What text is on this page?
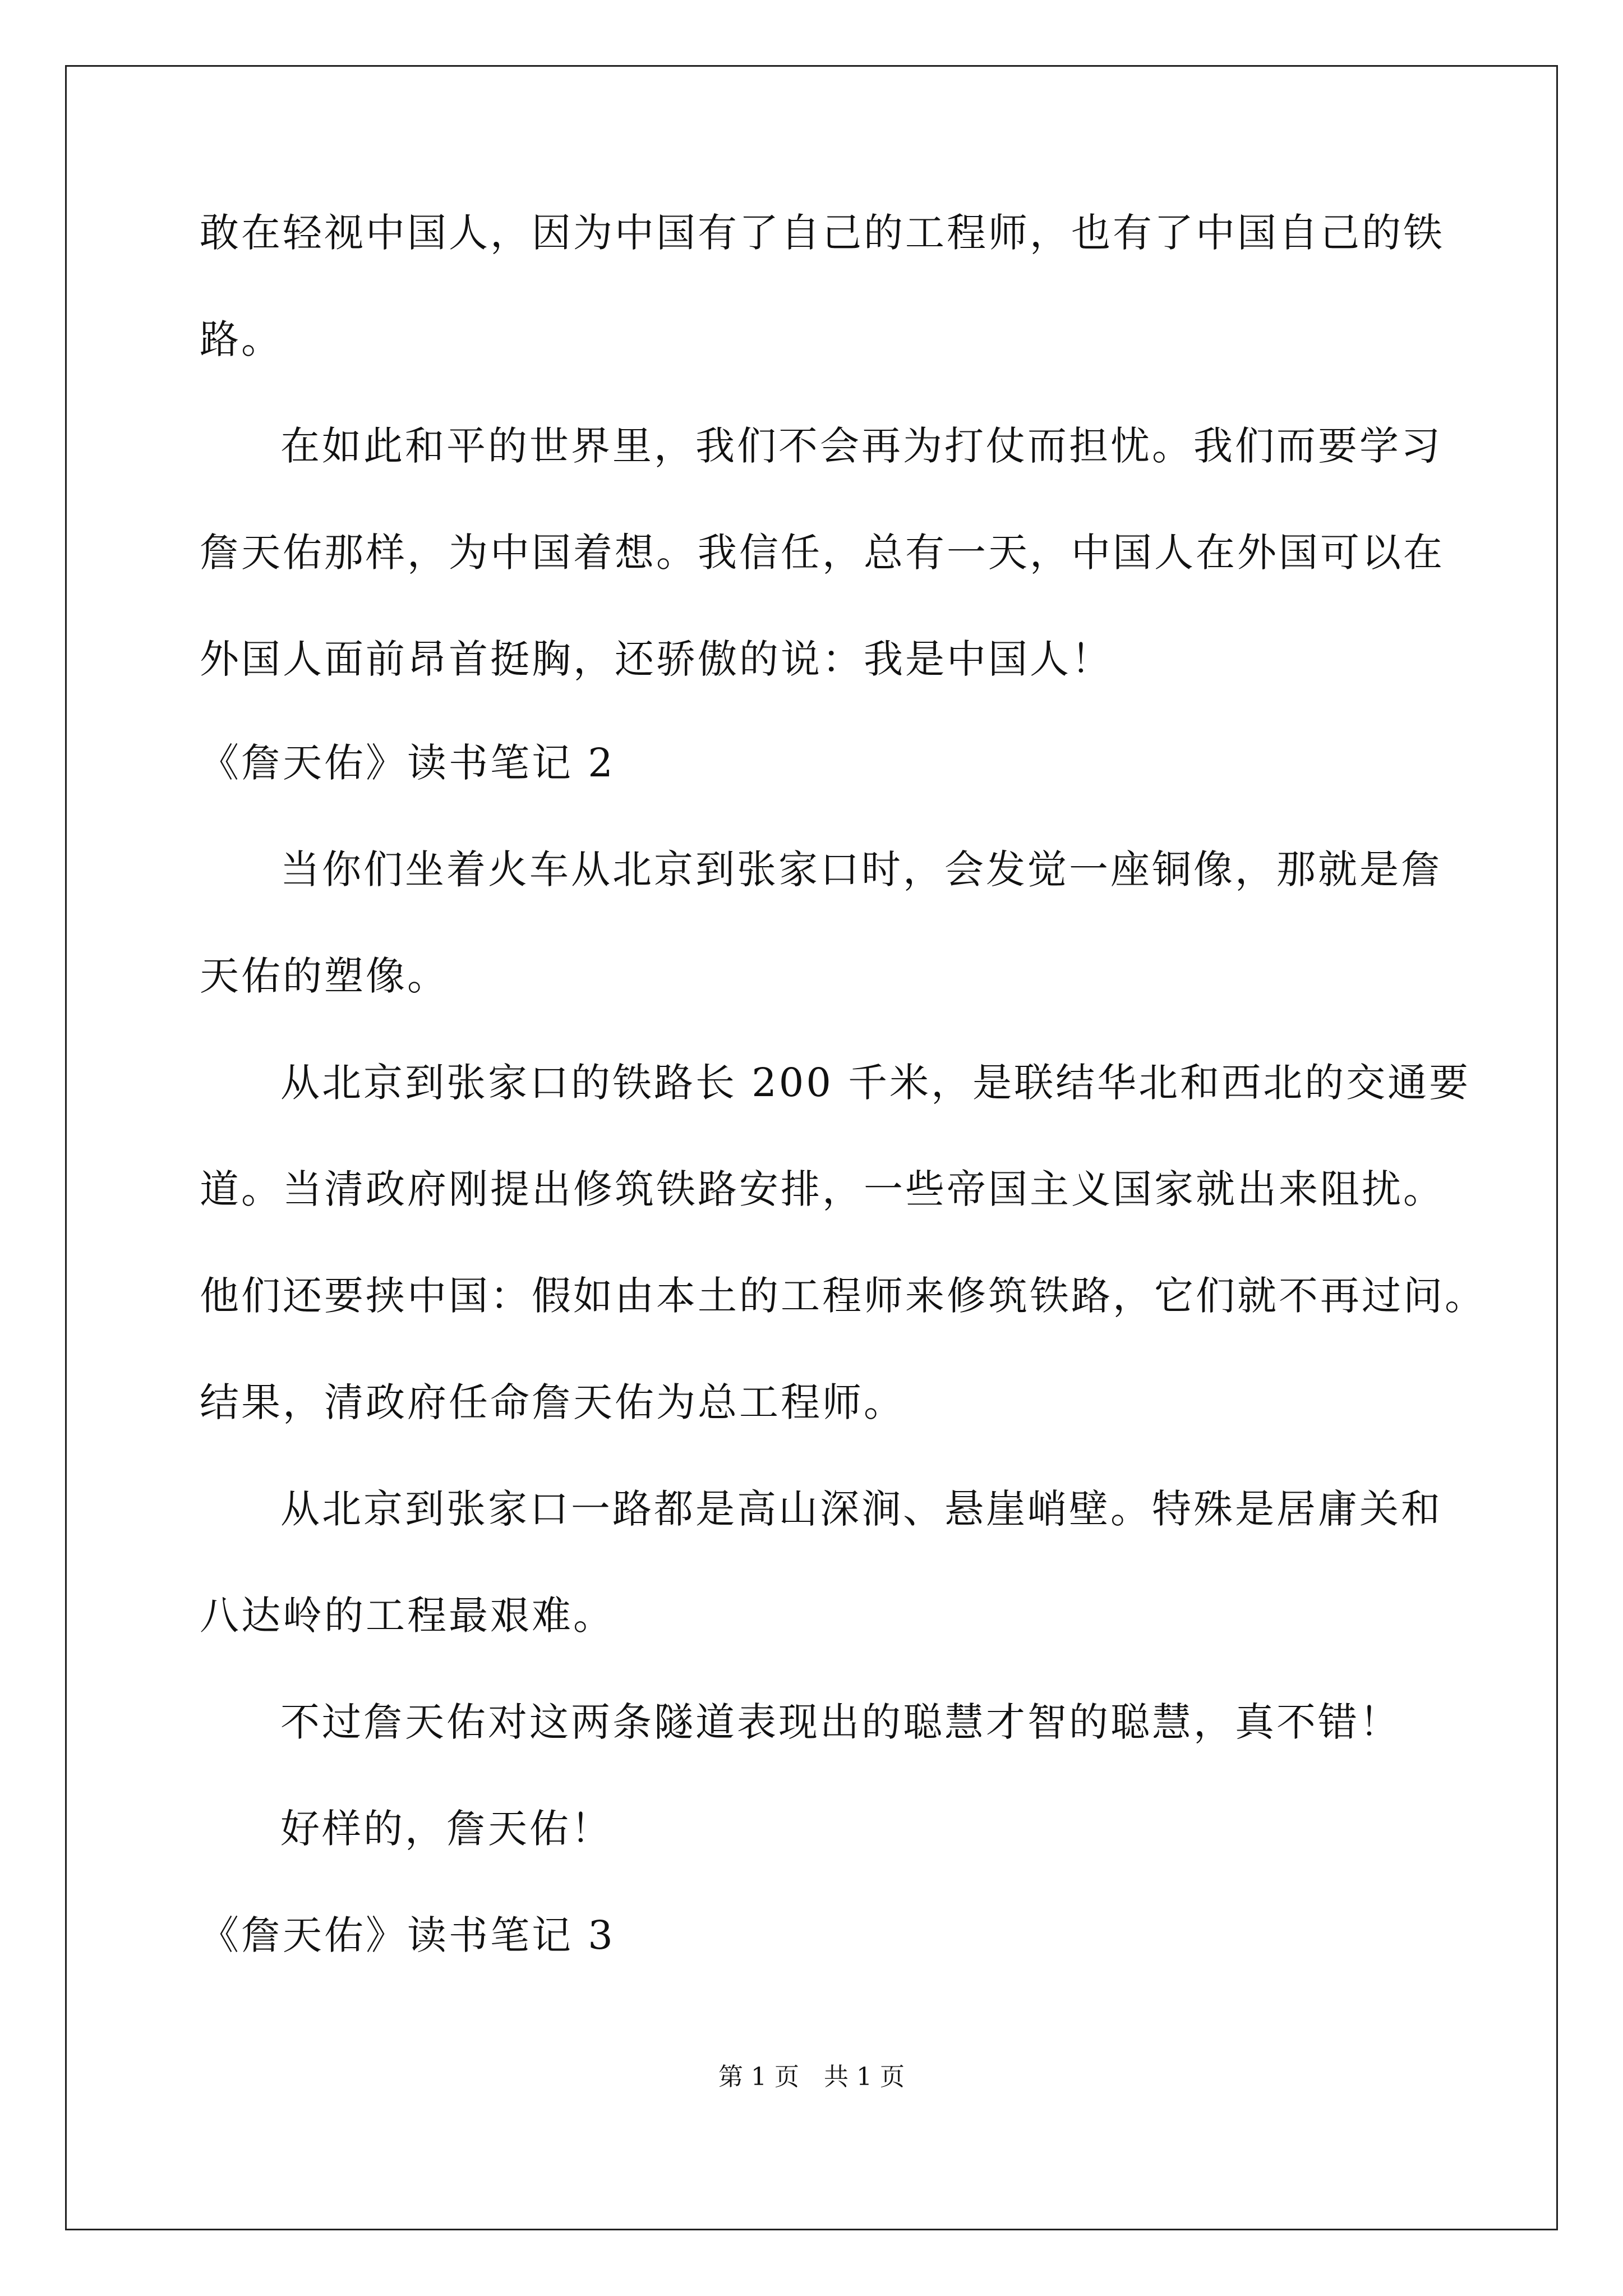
敢在轻视中国人，因为中国有了自己的工程师，也有了中国自己的铁
路。
在如此和平的世界里，我们不会再为打仗而担忧。我们而要学习
詹天佑那样，为中国着想。我信任，总有一天，中国人在外国可以在
外国人面前昂首挺胸，还骄傲的说：我是中国人！
《詹天佑》读书笔记 2
当你们坐着火车从北京到张家口时，会发觉一座铜像，那就是詹
天佑的塑像。
从北京到张家口的铁路长 200 千米，是联结华北和西北的交通要
道。当清政府刚提出修筑铁路安排，一些帝国主义国家就出来阻扰。
他们还要挟中国：假如由本土的工程师来修筑铁路，它们就不再过问。
结果，清政府任命詹天佑为总工程师。
从北京到张家口一路都是高山深涧、悬崖峭壁。特殊是居庸关和
八达岭的工程最艰难。
不过詹天佑对这两条隧道表现出的聪慧才智的聪慧，真不错！
好样的，詹天佑！
《詹天佑》读书笔记 3
第 1 页　共 1 页
